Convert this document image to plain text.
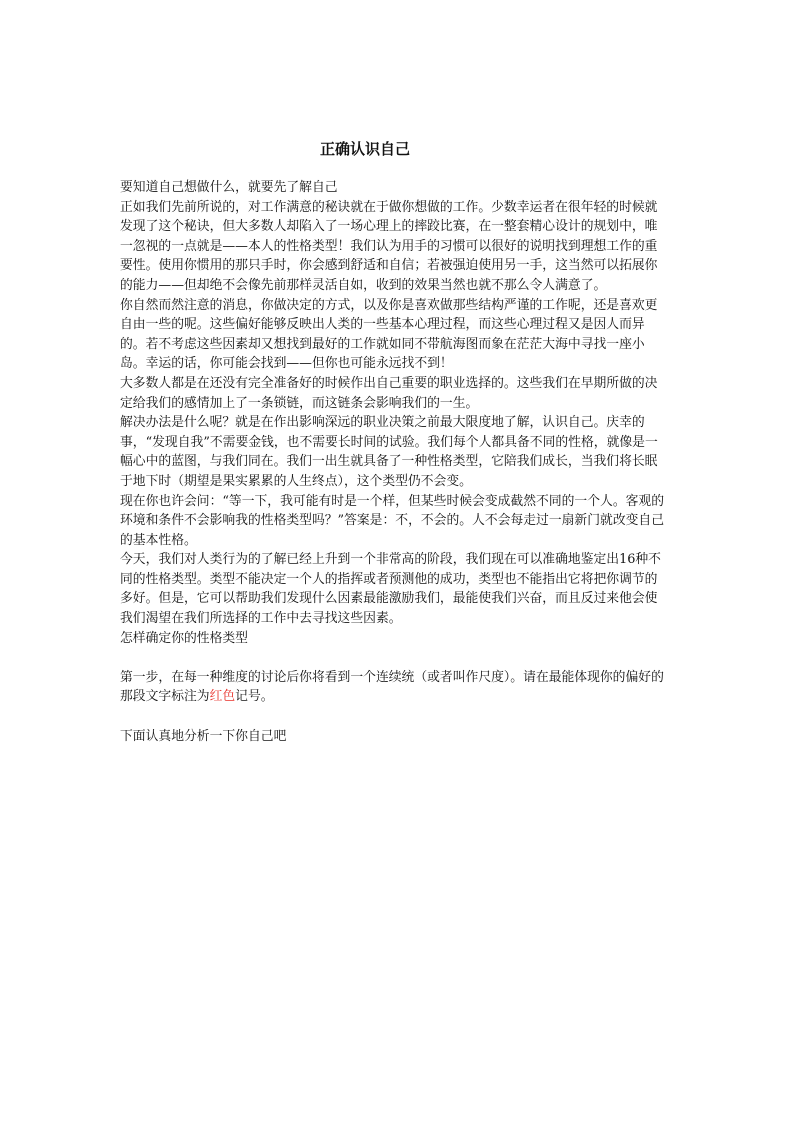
正确认识自己

要知道自己想做什么，就要先了解自己

正如我们先前所说的，对工作满意的秘诀就在于做你想做的工作。少数幸运者在很年轻的时候就发现了这个秘诀，但大多数人却陷入了一场心理上的摔跤比赛，在一整套精心设计的规划中，唯一忽视的一点就是——本人的性格类型！我们认为用手的习惯可以很好的说明找到理想工作的重要性。使用你惯用的那只手时，你会感到舒适和自信；若被强迫使用另一手，这当然可以拓展你的能力——但却绝不会像先前那样灵活自如，收到的效果当然也就不那么令人满意了。

你自然而然注意的消息，你做决定的方式，以及你是喜欢做那些结构严谨的工作呢，还是喜欢更自由一些的呢。这些偏好能够反映出人类的一些基本心理过程，而这些心理过程又是因人而异的。若不考虑这些因素却又想找到最好的工作就如同不带航海图而象在茫茫大海中寻找一座小岛。幸运的话，你可能会找到——但你也可能永远找不到！

大多数人都是在还没有完全准备好的时候作出自己重要的职业选择的。这些我们在早期所做的决定给我们的感情加上了一条锁链，而这链条会影响我们的一生。

解决办法是什么呢？就是在作出影响深远的职业决策之前最大限度地了解，认识自己。庆幸的事，“发现自我”不需要金钱，也不需要长时间的试验。我们每个人都具备不同的性格，就像是一幅心中的蓝图，与我们同在。我们一出生就具备了一种性格类型，它陪我们成长，当我们将长眠于地下时（期望是果实累累的人生终点），这个类型仍不会变。

现在你也许会问：“等一下，我可能有时是一个样，但某些时候会变成截然不同的一个人。客观的环境和条件不会影响我的性格类型吗？”答案是：不，不会的。人不会每走过一扇新门就改变自己的基本性格。

今天，我们对人类行为的了解已经上升到一个非常高的阶段，我们现在可以准确地鉴定出16种不同的性格类型。类型不能决定一个人的指挥或者预测他的成功，类型也不能指出它将把你调节的多好。但是，它可以帮助我们发现什么因素最能激励我们，最能使我们兴奋，而且反过来他会使我们渴望在我们所选择的工作中去寻找这些因素。

怎样确定你的性格类型

第一步，在每一种维度的讨论后你将看到一个连续统（或者叫作尺度）。请在最能体现你的偏好的那段文字标注为红色记号。

下面认真地分析一下你自己吧
